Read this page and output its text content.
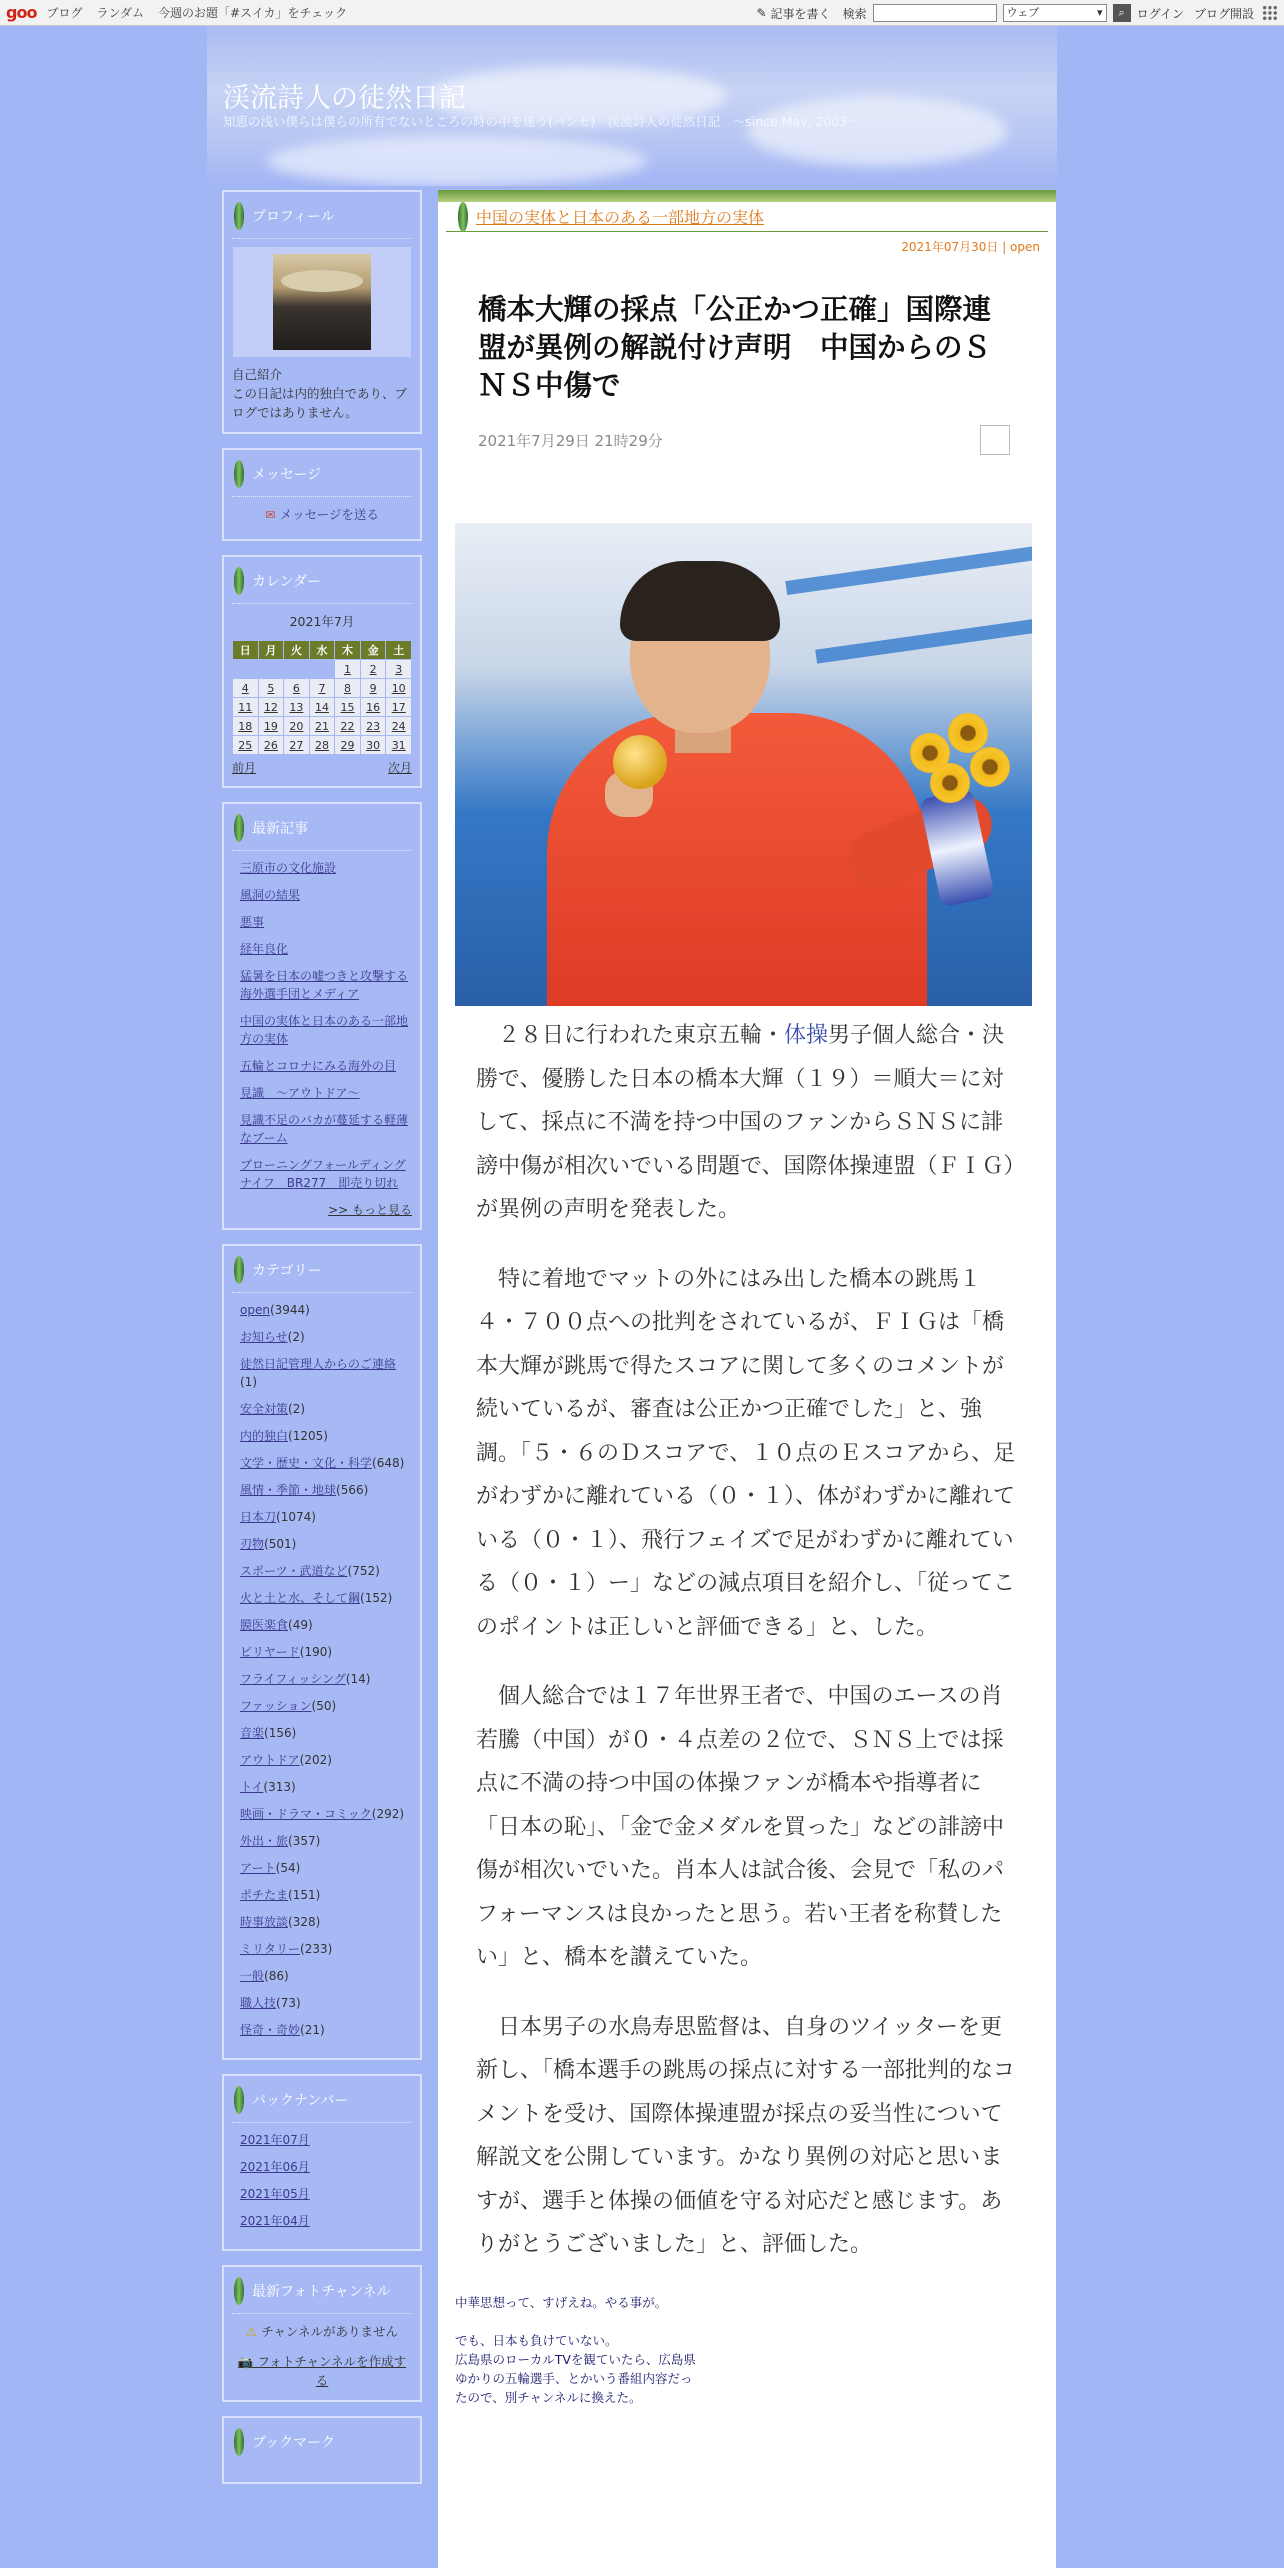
goo ブログ ランダム 今週のお題「#スイカ」をチェック	✎ 記事を書く 検索	ウェブ ▾	⌕ ログイン ブログ開設
渓流詩人の徒然日記
知恵の浅い僕らは僕らの所有でないところの時の中を迷う(パンセ)　渓流詩人の徒然日記　～since May, 2003～
プロフィール
自己紹介
この日記は内的独白であり、ブログではありません。
メッセージ
✉ メッセージを送る
カレンダー
2021年7月
日	月	火	水	木	金	土
				1	2	3
4	5	6	7	8	9	10
11	12	13	14	15	16	17
18	19	20	21	22	23	24
25	26	27	28	29	30	31
前月	次月
最新記事
三原市の文化施設
風洞の結果
悪事
経年良化
猛暑を日本の嘘つきと攻撃する海外選手団とメディア
中国の実体と日本のある一部地方の実体
五輪とコロナにみる海外の目
見識　～アウトドア～
見識不足のバカが蔓延する軽薄なブーム
ブローニングフォールディングナイフ　BR277　即売り切れ
>> もっと見る
カテゴリー
open(3944)
お知らせ(2)
徒然日記管理人からのご連絡(1)
安全対策(2)
内的独白(1205)
文学・歴史・文化・科学(648)
風情・季節・地球(566)
日本刀(1074)
刃物(501)
スポーツ・武道など(752)
火と土と水、そして鋼(152)
膜医楽食(49)
ビリヤード(190)
フライフィッシング(14)
ファッション(50)
音楽(156)
アウトドア(202)
トイ(313)
映画・ドラマ・コミック(292)
外出・旅(357)
アート(54)
ポチたま(151)
時事放談(328)
ミリタリー(233)
一般(86)
職人技(73)
怪奇・奇妙(21)
バックナンバー
2021年07月
2021年06月
2021年05月
2021年04月
最新フォトチャンネル
⚠ チャンネルがありません
📷 フォトチャンネルを作成する
ブックマーク
中国の実体と日本のある一部地方の実体
2021年07月30日 | open
橋本大輝の採点「公正かつ正確」国際連盟が異例の解説付け声明　中国からのＳＮＳ中傷で
2021年7月29日 21時29分

２８日に行われた東京五輪・体操男子個人総合・決勝で、優勝した日本の橋本大輝（１９）＝順大＝に対して、採点に不満を持つ中国のファンからＳＮＳに誹謗中傷が相次いでいる問題で、国際体操連盟（ＦＩＧ）が異例の声明を発表した。

特に着地でマットの外にはみ出した橋本の跳馬１４・７００点への批判をされているが、ＦＩＧは「橋本大輝が跳馬で得たスコアに関して多くのコメントが続いているが、審査は公正かつ正確でした」と、強調。「５・６のＤスコアで、１０点のＥスコアから、足がわずかに離れている（０・１）、体がわずかに離れている（０・１）、飛行フェイズで足がわずかに離れている（０・１）ー」などの減点項目を紹介し、「従ってこのポイントは正しいと評価できる」と、した。

個人総合では１７年世界王者で、中国のエースの肖若騰（中国）が０・４点差の２位で、ＳＮＳ上では採点に不満の持つ中国の体操ファンが橋本や指導者に「日本の恥」、「金で金メダルを買った」などの誹謗中傷が相次いでいた。肖本人は試合後、会見で「私のパフォーマンスは良かったと思う。若い王者を称賛したい」と、橋本を讃えていた。

日本男子の水鳥寿思監督は、自身のツイッターを更新し、「橋本選手の跳馬の採点に対する一部批判的なコメントを受け、国際体操連盟が採点の妥当性について解説文を公開しています。かなり異例の対応と思いますが、選手と体操の価値を守る対応だと感じます。ありがとうございました」と、評価した。

中華思想って、すげえね。やる事が。

でも、日本も負けていない。
広島県のローカルTVを観ていたら、広島県
ゆかりの五輪選手、とかいう番組内容だっ
たので、別チャンネルに換えた。
